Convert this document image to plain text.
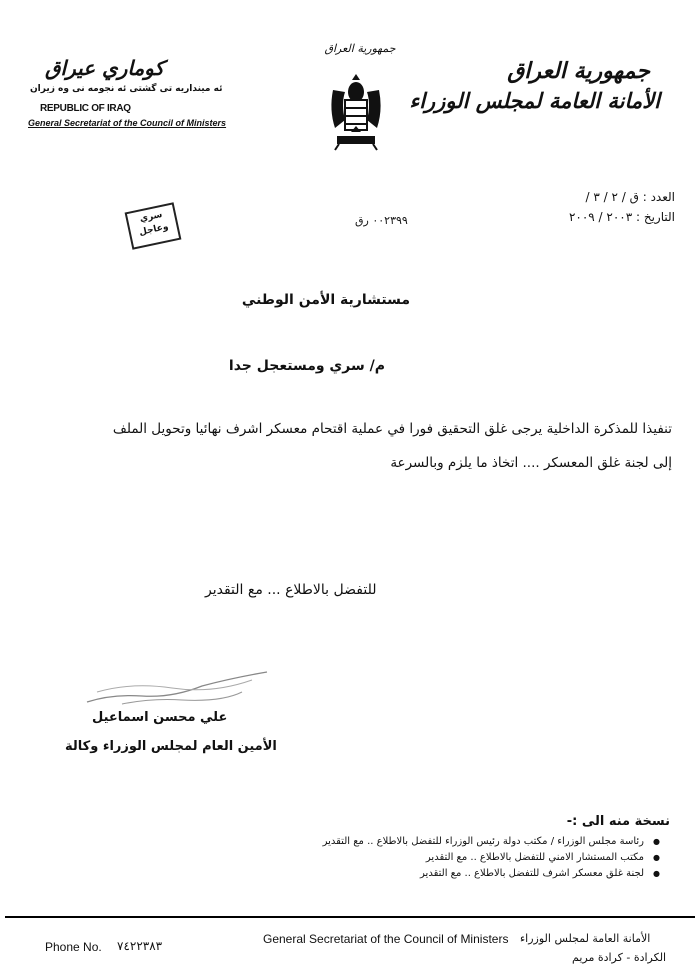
جمهورية العراق
الأمانة العامة لمجلس الوزراء
كوماري عيراق
ئه مینداریه تی گشتی ئه نجومه نی وه زیران
REPUBLIC OF IRAQ
General Secretariat of the Council of Ministers
جمهورية العراق
العدد : ق / ٢ / ٣ /
التاريخ : ٢٠٠٣ / ٢٠٠٩
٠٠٢٣٩٩ رق
سري
وعاجل
مستشارية الأمن الوطني
م/ سري ومستعجل جدا
تنفيذا للمذكرة الداخلية يرجى غلق التحقيق فورا في عملية اقتحام معسكر اشرف نهائيا وتحويل الملف
إلى لجنة غلق المعسكر .... اتخاذ ما يلزم وبالسرعة
للتفضل بالاطلاع ... مع التقدير
علي محسن اسماعيل
الأمين العام لمجلس الوزراء وكالة
نسخة منه الى :-
رئاسة مجلس الوزراء / مكتب دولة رئيس الوزراء للتفضل بالاطلاع .. مع التقدير ●
مكتب المستشار الامني للتفضل بالاطلاع .. مع التقدير ●
لجنة غلق معسكر اشرف للتفضل بالاطلاع .. مع التقدير ●
Phone No. ٧٤٢٢٣٨٣	General Secretariat of the Council of Ministers الأمانة العامة لمجلس الوزراء
الكرادة - كرادة مريم
